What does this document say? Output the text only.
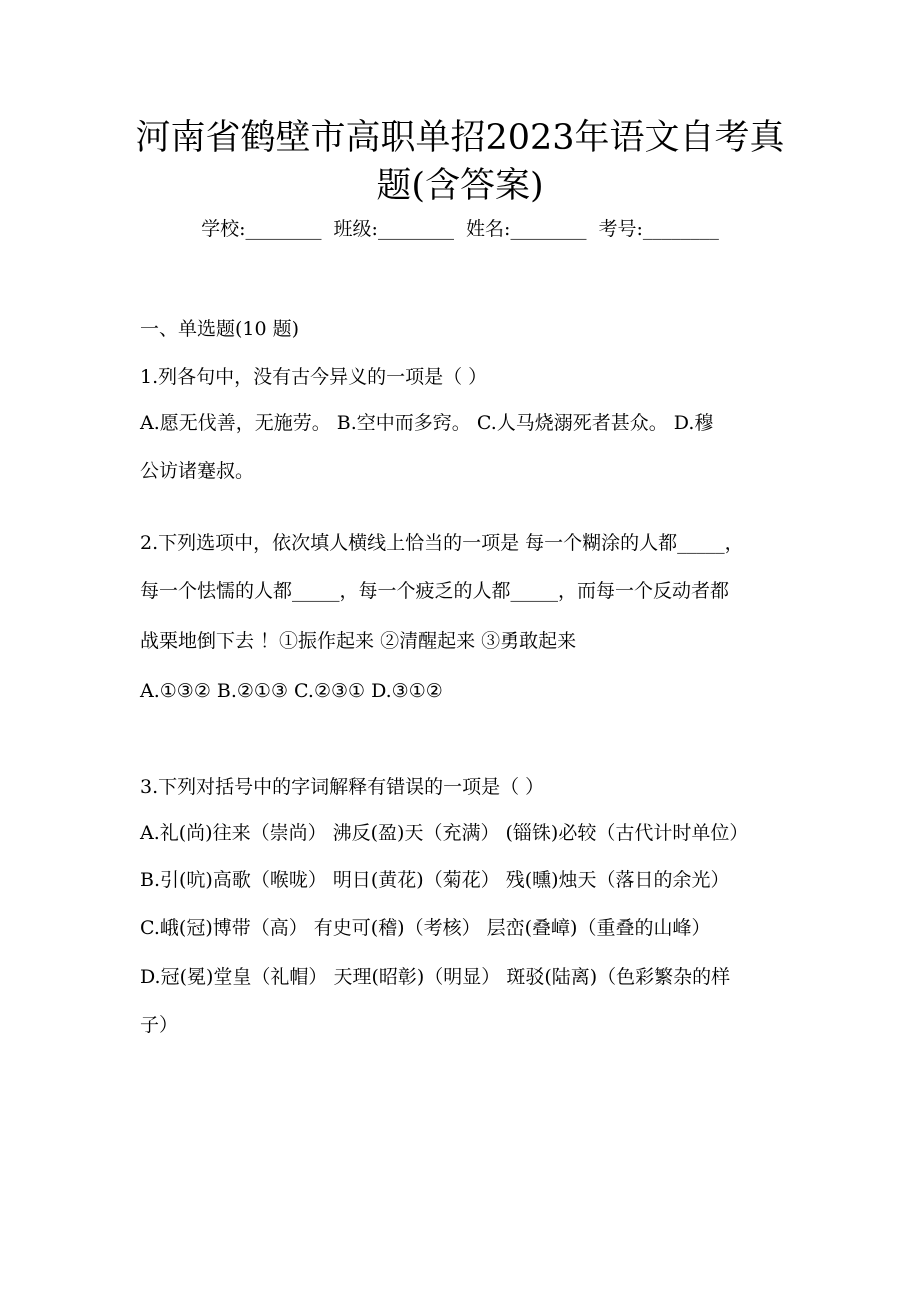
河南省鹤壁市高职单招2023年语文自考真
题(含答案)
学校:________  班级:________  姓名:________  考号:________
一、单选题(10 题)
1.列各句中，没有古今异义的一项是（ ）
A.愿无伐善，无施劳。 B.空中而多窍。 C.人马烧溺死者甚众。 D.穆
公访诸蹇叔。
2.下列选项中，依次填人横线上恰当的一项是 每一个糊涂的人都_____，
每一个怯懦的人都_____，每一个疲乏的人都_____，而每一个反动者都
战栗地倒下去 ！①振作起来 ②清醒起来 ③勇敢起来
A.①③② B.②①③ C.②③① D.③①②
3.下列对括号中的字词解释有错误的一项是（ ）
A.礼(尚)往来（崇尚） 沸反(盈)天（充满） (锱铢)必较（古代计时单位）
B.引(吭)高歌（喉咙） 明日(黄花)（菊花） 残(曛)烛天（落日的余光）
C.峨(冠)博带（高） 有史可(稽)（考核） 层峦(叠嶂)（重叠的山峰）
D.冠(冕)堂皇（礼帽） 天理(昭彰)（明显） 斑驳(陆离)（色彩繁杂的样
子）
